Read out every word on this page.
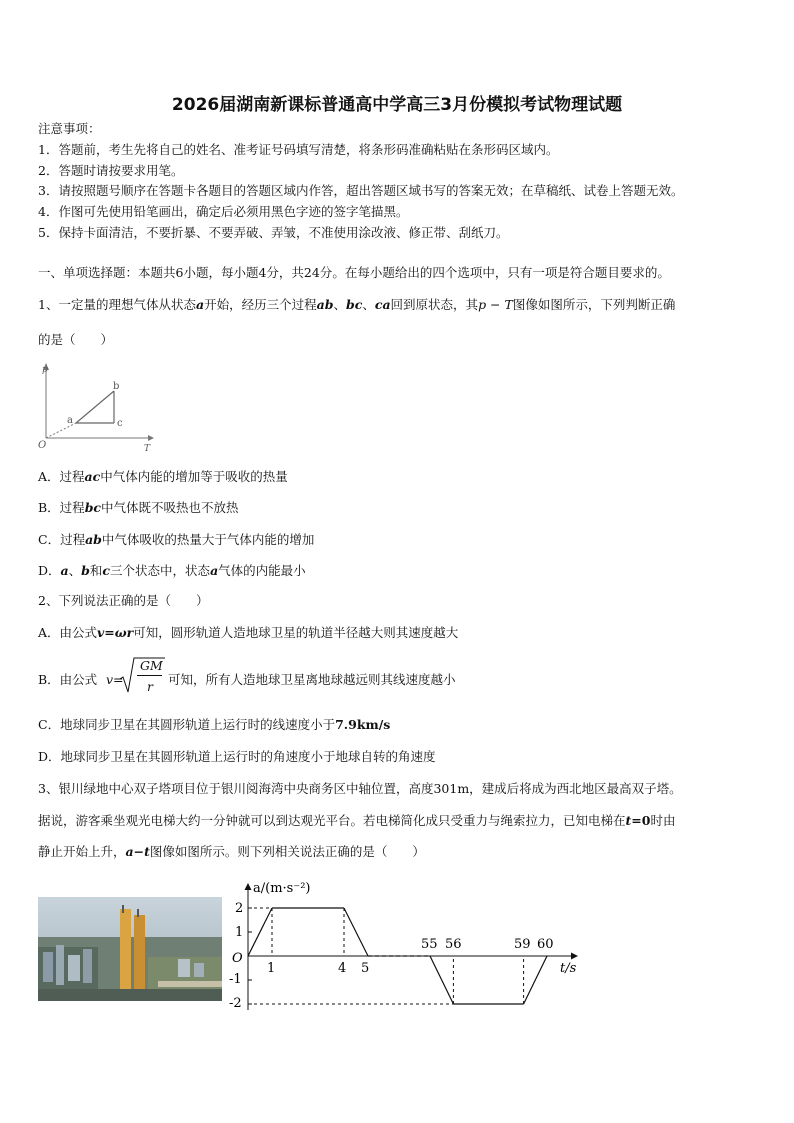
2026届湖南新课标普通高中学高三3月份模拟考试物理试题
注意事项：
1．答题前，考生先将自己的姓名、准考证号码填写清楚，将条形码准确粘贴在条形码区域内。
2．答题时请按要求用笔。
3．请按照题号顺序在答题卡各题目的答题区域内作答，超出答题区域书写的答案无效；在草稿纸、试卷上答题无效。
4．作图可先使用铅笔画出，确定后必须用黑色字迹的签字笔描黑。
5．保持卡面清洁，不要折暴、不要弄破、弄皱，不准使用涂改液、修正带、刮纸刀。
一、单项选择题：本题共6小题，每小题4分，共24分。在每小题给出的四个选项中，只有一项是符合题目要求的。
1、一定量的理想气体从状态a开始，经历三个过程ab、bc、ca回到原状态，其p − T图像如图所示，下列判断正确
的是（　　）
p
T
O
a
b
c
A．过程ac中气体内能的增加等于吸收的热量
B．过程bc中气体既不吸热也不放热
C．过程ab中气体吸收的热量大于气体内能的增加
D．a、b和c三个状态中，状态a气体的内能最小
2、下列说法正确的是（　　）
A．由公式v=ωr可知，圆形轨道人造地球卫星的轨道半径越大则其速度越大
B．由公式 v=
GM
r 可知，所有人造地球卫星离地球越远则其线速度越小
C．地球同步卫星在其圆形轨道上运行时的线速度小于7.9km/s
D．地球同步卫星在其圆形轨道上运行时的角速度小于地球自转的角速度
3、银川绿地中心双子塔项目位于银川阅海湾中央商务区中轴位置，高度301m，建成后将成为西北地区最高双子塔。
据说，游客乘坐观光电梯大约一分钟就可以到达观光平台。若电梯简化成只受重力与绳索拉力，已知电梯在t=0时由
静止开始上升，a−t图像如图所示。则下列相关说法正确的是（　　）
a/(m·s⁻²)
t/s
O
2
1
-1
-2
1	4 5
55 56	59 60
